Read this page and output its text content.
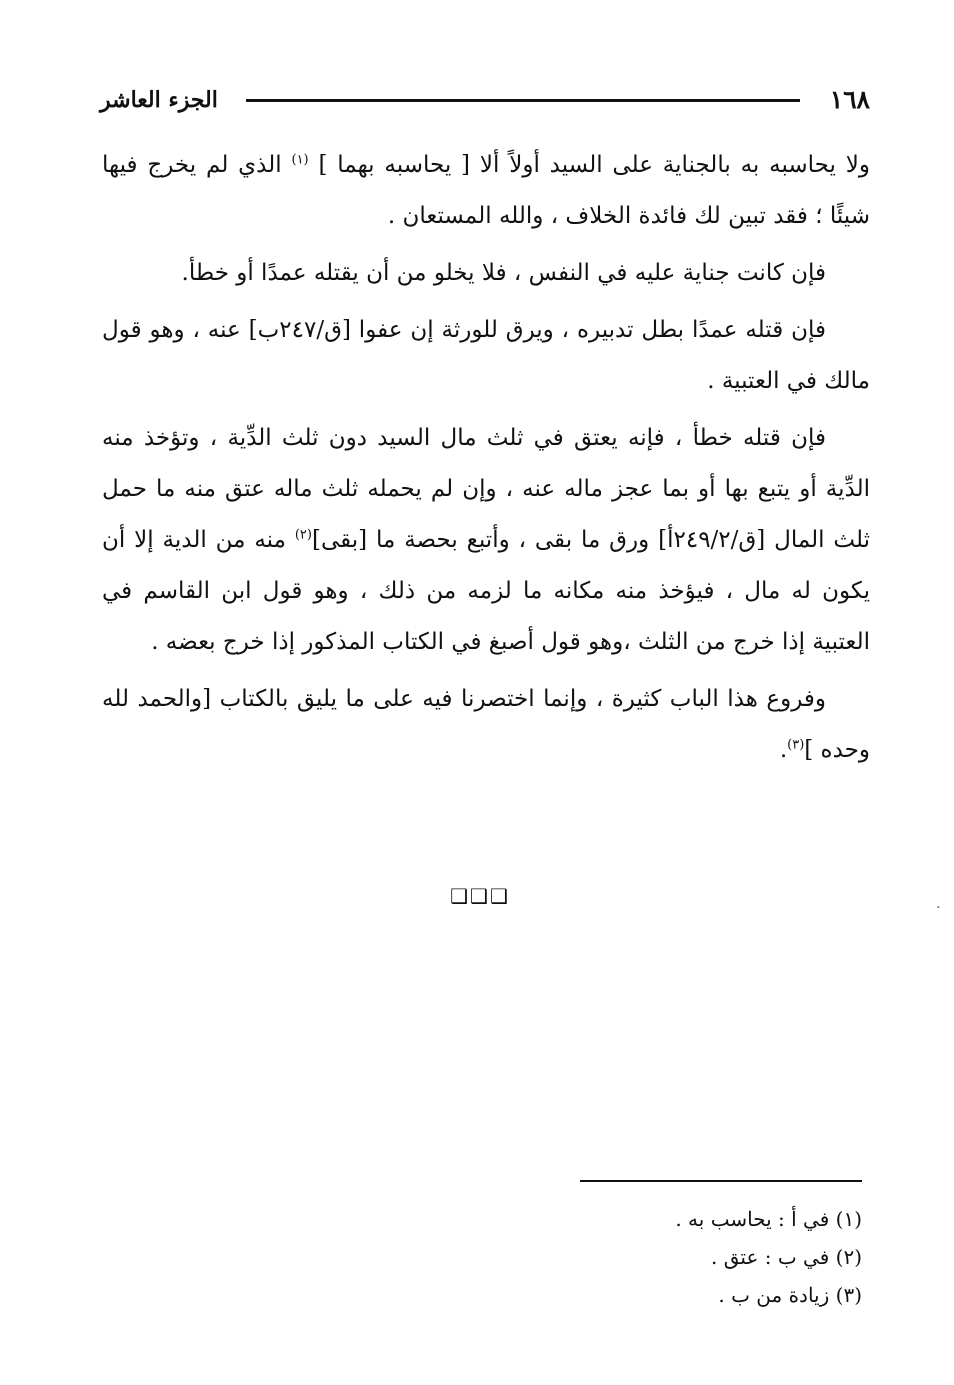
١٦٨
الجزء العاشر

ولا يحاسبه به بالجناية على السيد أولاً ألا [ يحاسبه بهما ] $^{(١)}$ الذي لم يخرج فيها شيئًا ؛ فقد تبين لك فائدة الخلاف ، والله المستعان .

فإن كانت جناية عليه في النفس ، فلا يخلو من أن يقتله عمدًا أو خطأ.

فإن قتله عمدًا بطل تدبيره ، ويرق للورثة إن عفوا [ق/٢٤٧ب] عنه ، وهو قول مالك في العتبية .

فإن قتله خطأ ، فإنه يعتق في ثلث مال السيد دون ثلث الدِّية ، وتؤخذ منه الدِّية أو يتبع بها أو بما عجز ماله عنه ، وإن لم يحمله ثلث ماله عتق منه ما حمل ثلث المال [ق/٢٤٩/٢أ] ورق ما بقى ، وأتبع بحصة ما [بقى]$^{(٢)}$ منه من الدية إلا أن يكون له مال ، فيؤخذ منه مكانه ما لزمه من ذلك ، وهو قول ابن القاسم في العتبية إذا خرج من الثلث ،وهو قول أصبغ في الكتاب المذكور إذا خرج بعضه .

وفروع هذا الباب كثيرة ، وإنما اختصرنا فيه على ما يليق بالكتاب [والحمد لله وحده ]$^{(٣)}$.

❑❑❑	·
(١) في أ : يحاسب به .
(٢) في ب : عتق .
(٣) زيادة من ب .
